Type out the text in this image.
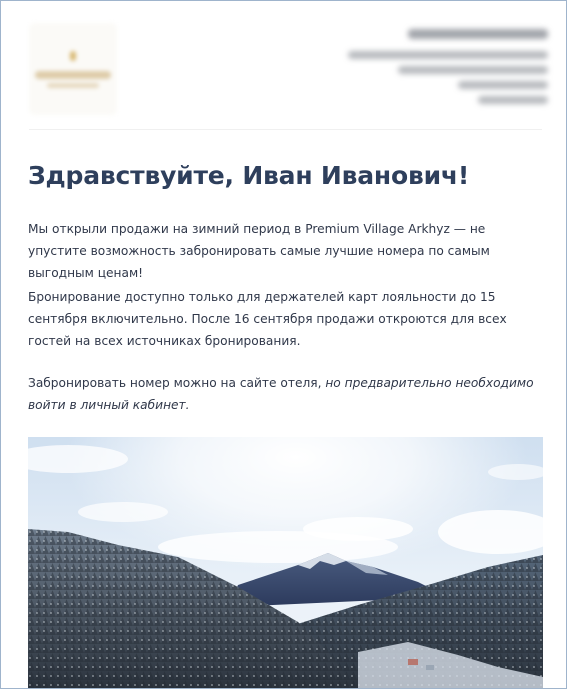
Здравствуйте, Иван Иванович!

Мы открыли продажи на зимний период в Premium Village Arkhyz — не упустите возможность забронировать самые лучшие номера по самым выгодным ценам!

Бронирование доступно только для держателей карт лояльности до 15 сентября включительно. После 16 сентября продажи откроются для всех гостей на всех источниках бронирования.

Забронировать номер можно на сайте отеля, но предварительно необходимо войти в личный кабинет.
